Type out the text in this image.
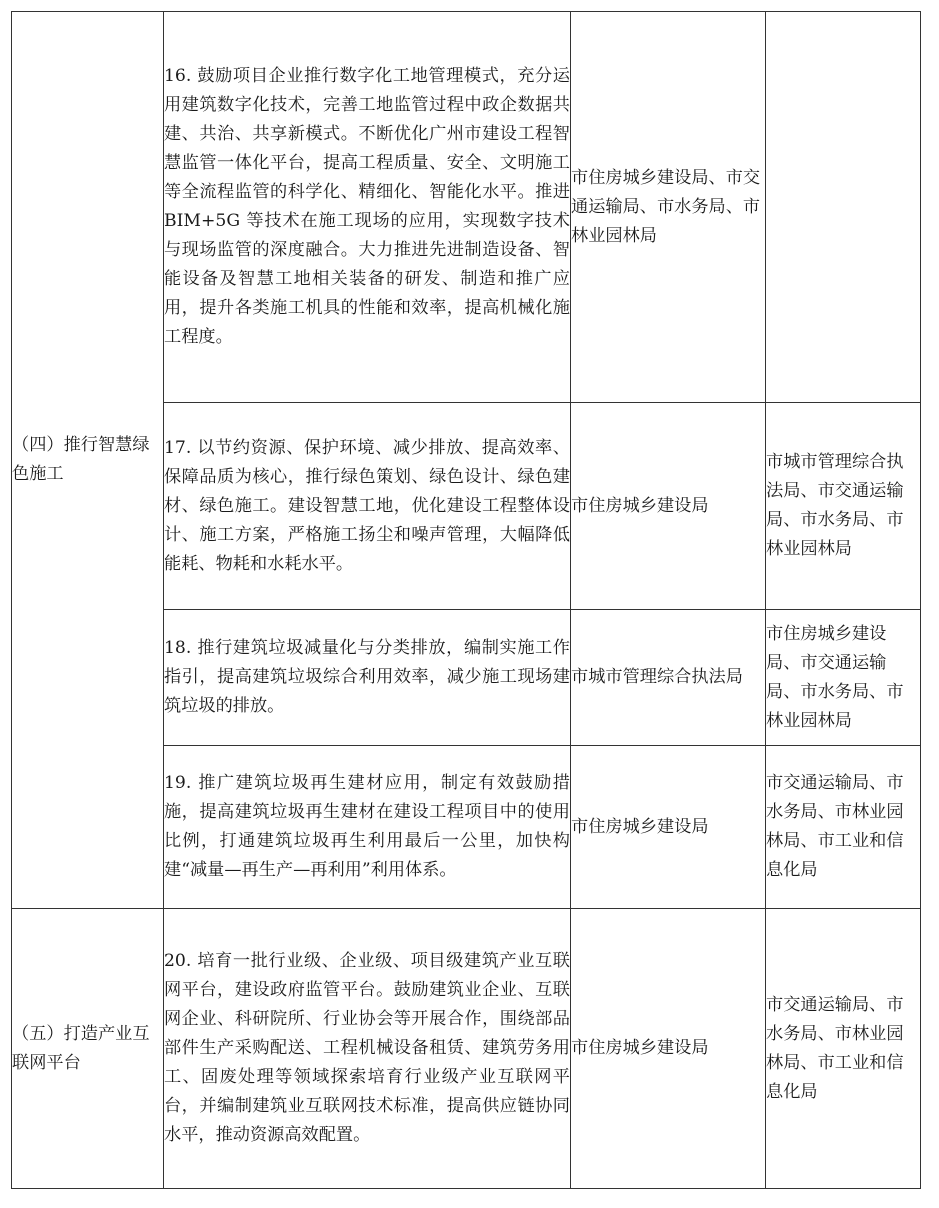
（四）推行智慧绿色施工	16. 鼓励项目企业推行数字化工地管理模式，充分运用建筑数字化技术，完善工地监管过程中政企数据共建、共治、共享新模式。不断优化广州市建设工程智慧监管一体化平台，提高工程质量、安全、文明施工等全流程监管的科学化、精细化、智能化水平。推进 BIM+5G 等技术在施工现场的应用，实现数字技术与现场监管的深度融合。大力推进先进制造设备、智能设备及智慧工地相关装备的研发、制造和推广应用，提升各类施工机具的性能和效率，提高机械化施工程度。	市住房城乡建设局、市交通运输局、市水务局、市林业园林局	

	17. 以节约资源、保护环境、减少排放、提高效率、保障品质为核心，推行绿色策划、绿色设计、绿色建材、绿色施工。建设智慧工地，优化建设工程整体设计、施工方案，严格施工扬尘和噪声管理，大幅降低能耗、物耗和水耗水平。	市住房城乡建设局	市城市管理综合执法局、市交通运输局、市水务局、市林业园林局

	18. 推行建筑垃圾减量化与分类排放，编制实施工作指引，提高建筑垃圾综合利用效率，减少施工现场建筑垃圾的排放。	市城市管理综合执法局	市住房城乡建设局、市交通运输局、市水务局、市林业园林局

	19. 推广建筑垃圾再生建材应用，制定有效鼓励措施，提高建筑垃圾再生建材在建设工程项目中的使用比例，打通建筑垃圾再生利用最后一公里，加快构建“减量—再生产—再利用”利用体系。	市住房城乡建设局	市交通运输局、市水务局、市林业园林局、市工业和信息化局

（五）打造产业互联网平台	20. 培育一批行业级、企业级、项目级建筑产业互联网平台，建设政府监管平台。鼓励建筑业企业、互联网企业、科研院所、行业协会等开展合作，围绕部品部件生产采购配送、工程机械设备租赁、建筑劳务用工、固废处理等领域探索培育行业级产业互联网平台，并编制建筑业互联网技术标准，提高供应链协同水平，推动资源高效配置。	市住房城乡建设局	市交通运输局、市水务局、市林业园林局、市工业和信息化局
